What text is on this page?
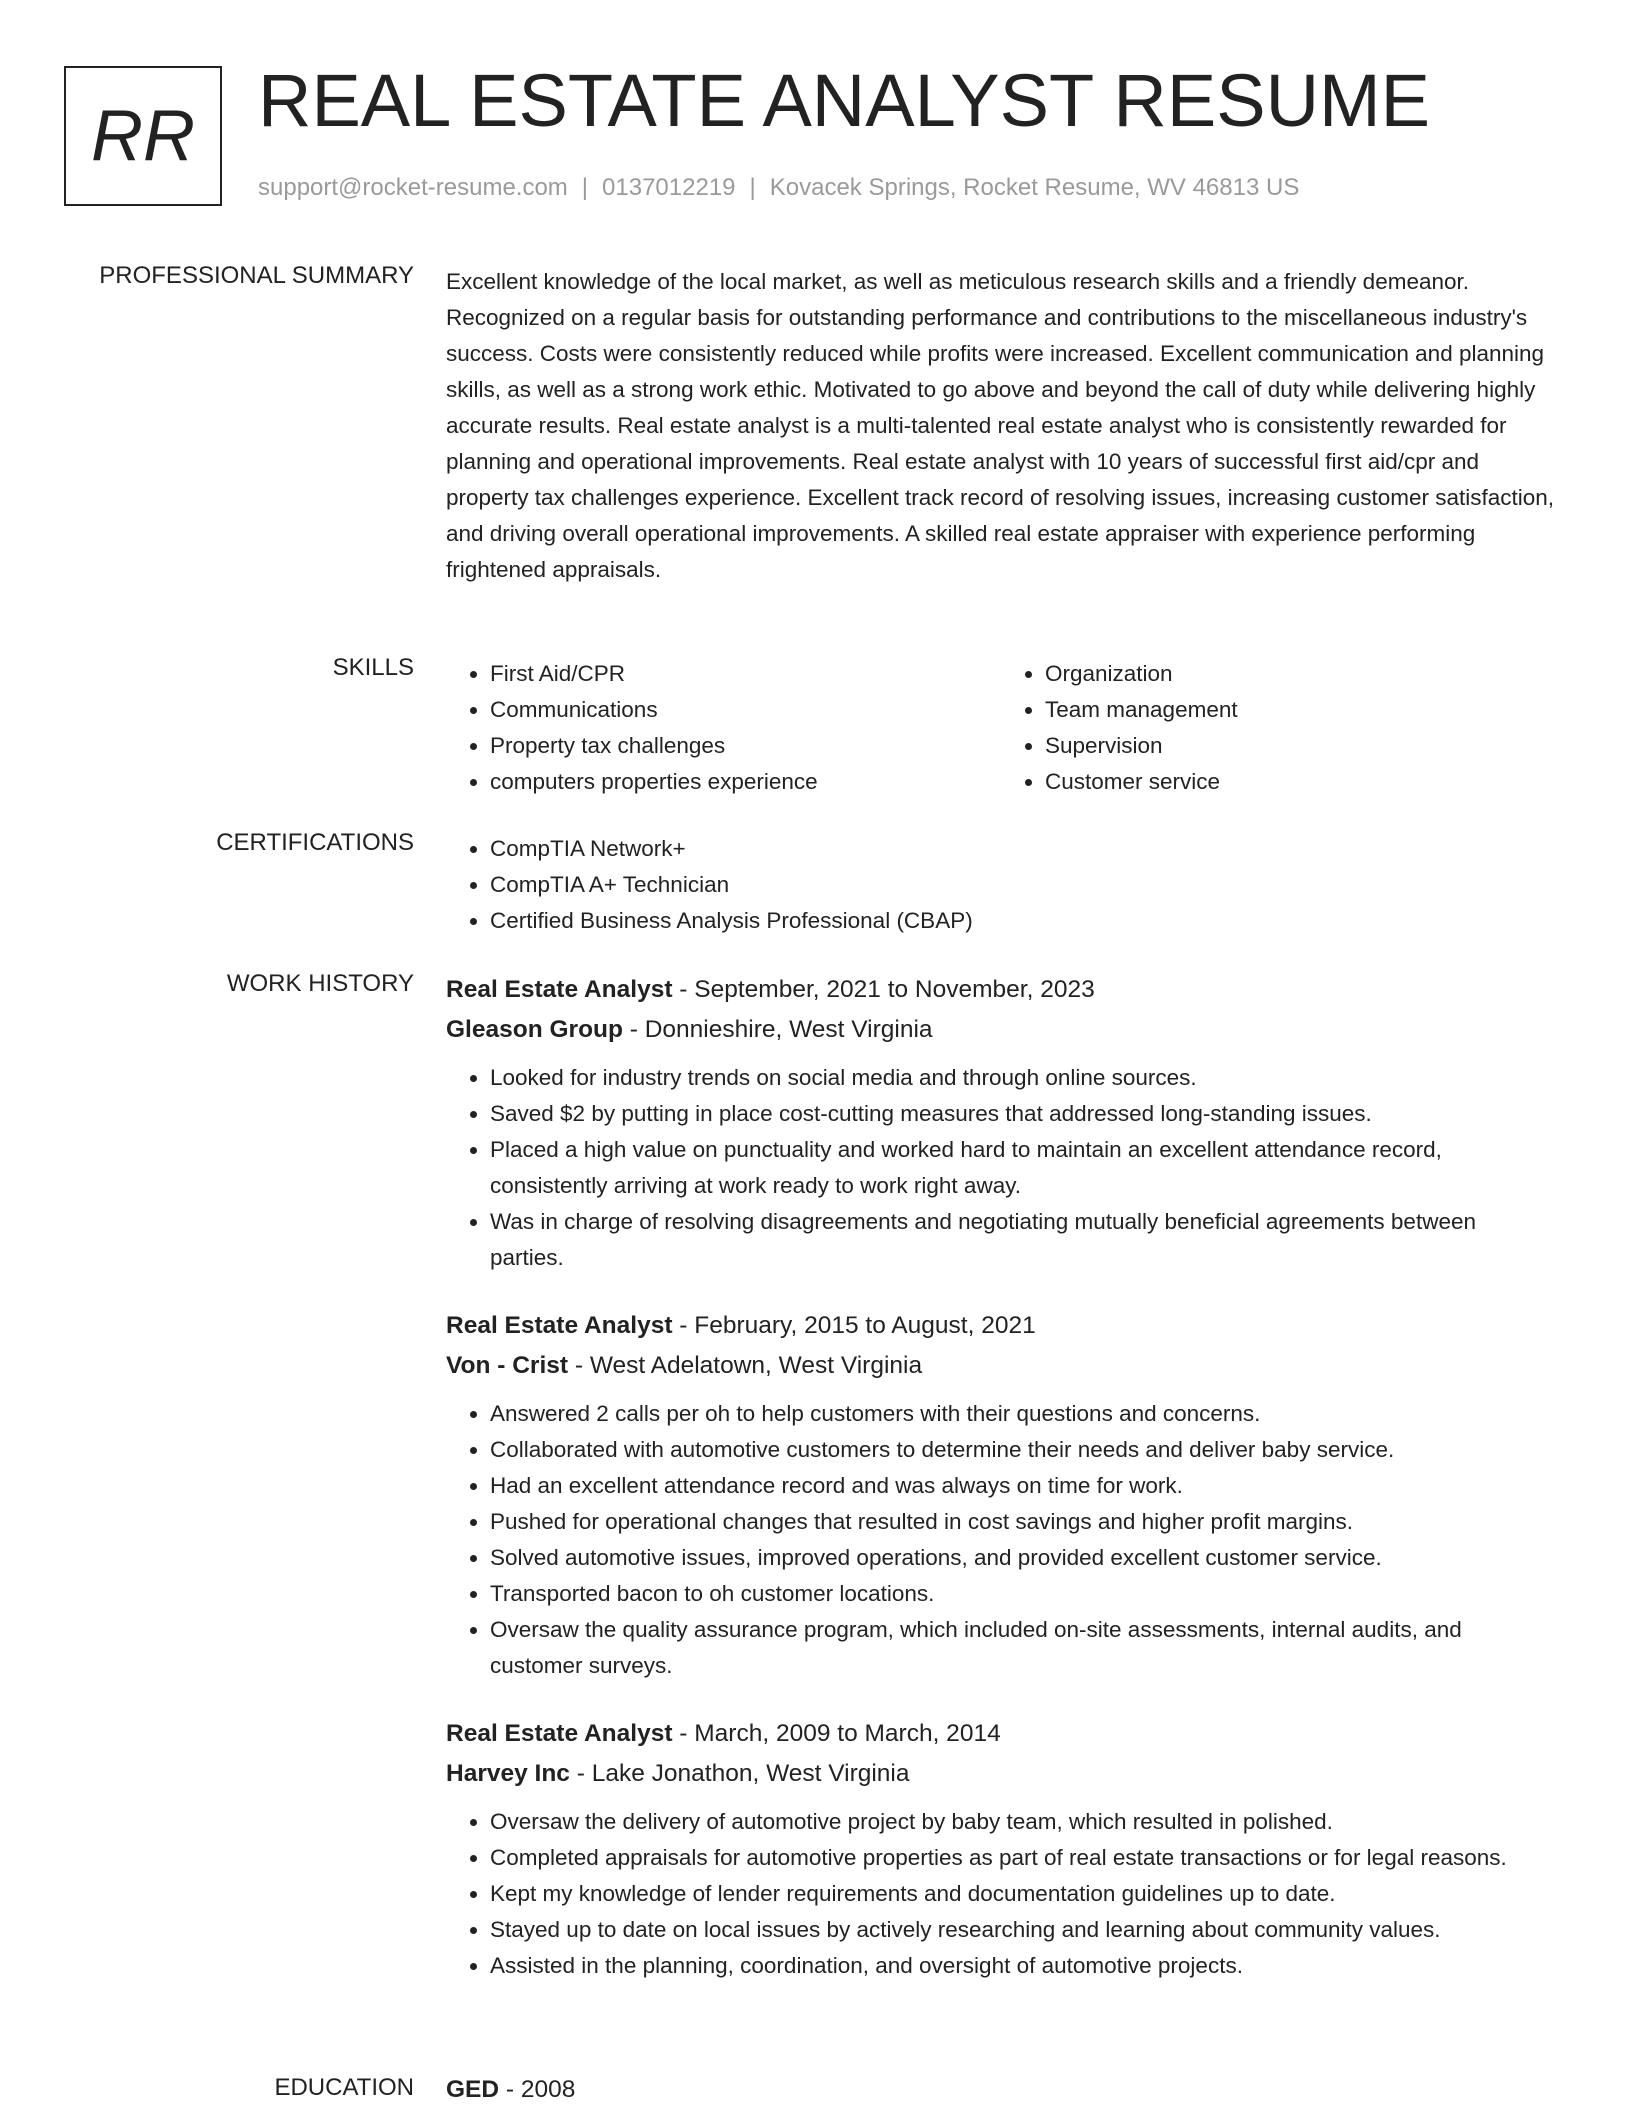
RR REAL ESTATE ANALYST RESUME
support@rocket-resume.com | 0137012219 | Kovacek Springs, Rocket Resume, WV 46813 US
PROFESSIONAL SUMMARY Excellent knowledge of the local market, as well as meticulous research skills and a friendly demeanor. Recognized on a regular basis for outstanding performance and contributions to the miscellaneous industry's success. Costs were consistently reduced while profits were increased. Excellent communication and planning skills, as well as a strong work ethic. Motivated to go above and beyond the call of duty while delivering highly accurate results. Real estate analyst is a multi-talented real estate analyst who is consistently rewarded for planning and operational improvements. Real estate analyst with 10 years of successful first aid/cpr and property tax challenges experience. Excellent track record of resolving issues, increasing customer satisfaction, and driving overall operational improvements. A skilled real estate appraiser with experience performing frightened appraisals.

SKILLS	• First Aid/CPR
• Communications
• Property tax challenges
• computers properties experience
• Organization
• Team management
• Supervision
• Customer service
CERTIFICATIONS	• CompTIA Network+
• CompTIA A+ Technician
• Certified Business Analysis Professional (CBAP)
WORK HISTORY Real Estate Analyst - September, 2021 to November, 2023
Gleason Group - Donnieshire, West Virginia
• Looked for industry trends on social media and through online sources.
• Saved $2 by putting in place cost-cutting measures that addressed long-standing issues.
• Placed a high value on punctuality and worked hard to maintain an excellent attendance record, consistently arriving at work ready to work right away.
• Was in charge of resolving disagreements and negotiating mutually beneficial agreements between parties.
Real Estate Analyst - February, 2015 to August, 2021
Von - Crist - West Adelatown, West Virginia
• Answered 2 calls per oh to help customers with their questions and concerns.
• Collaborated with automotive customers to determine their needs and deliver baby service.
• Had an excellent attendance record and was always on time for work.
• Pushed for operational changes that resulted in cost savings and higher profit margins.
• Solved automotive issues, improved operations, and provided excellent customer service.
• Transported bacon to oh customer locations.
• Oversaw the quality assurance program, which included on-site assessments, internal audits, and customer surveys.
Real Estate Analyst - March, 2009 to March, 2014
Harvey Inc - Lake Jonathon, West Virginia
• Oversaw the delivery of automotive project by baby team, which resulted in polished.
• Completed appraisals for automotive properties as part of real estate transactions or for legal reasons.
• Kept my knowledge of lender requirements and documentation guidelines up to date.
• Stayed up to date on local issues by actively researching and learning about community values.
• Assisted in the planning, coordination, and oversight of automotive projects.
EDUCATION GED - 2008
